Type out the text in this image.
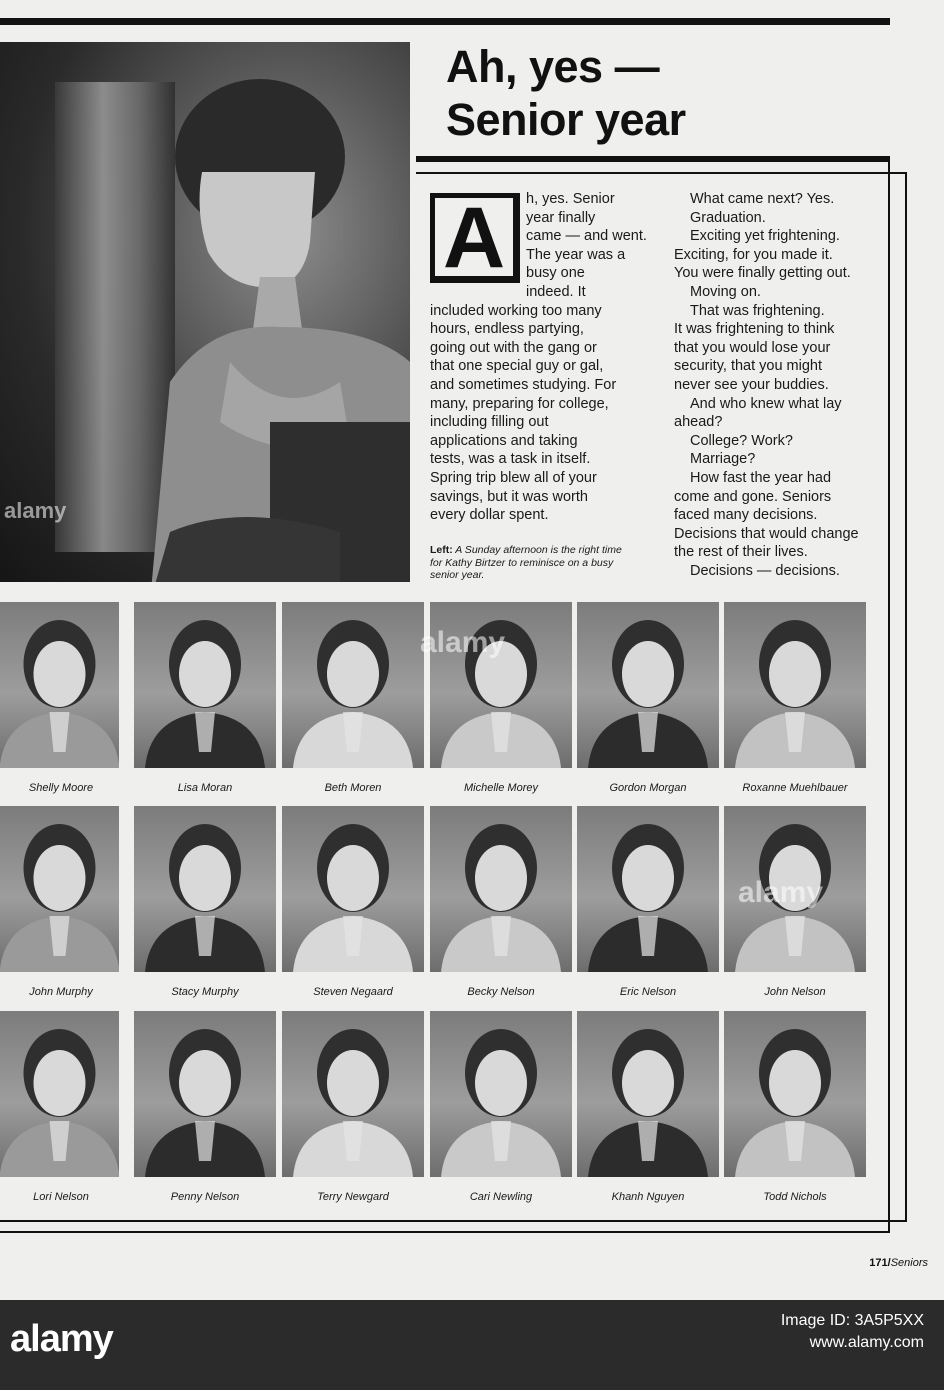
Ah, yes —
Senior year
A	h, yes. Senior
year finally
came — and went.
The year was a
busy one
indeed. It
included working too many
hours, endless partying,
going out with the gang or
that one special guy or gal,
and sometimes studying. For
many, preparing for college,
including filling out
applications and taking
tests, was a task in itself.
Spring trip blew all of your
savings, but it was worth
every dollar spent.
What came next? Yes.
Graduation.
Exciting yet frightening.
Exciting, for you made it.
You were finally getting out.
Moving on.
That was frightening.
It was frightening to think
that you would lose your
security, that you might
never see your buddies.
And who knew what lay
ahead?
College? Work?
Marriage?
How fast the year had
come and gone. Seniors
faced many decisions.
Decisions that would change
the rest of their lives.
Decisions — decisions.
Left: A Sunday afternoon is the right time for Kathy Birtzer to reminisce on a busy senior year.
Shelly Moore	Lisa Moran	Beth Moren	Michelle Morey	Gordon Morgan	Roxanne Muehlbauer
John Murphy	Stacy Murphy	Steven Negaard	Becky Nelson	Eric Nelson	John Nelson
Lori Nelson	Penny Nelson	Terry Newgard	Cari Newling	Khanh Nguyen	Todd Nichols
171/Seniors
alamy
alamy
alamy
alamy	Image ID: 3A5P5XX
www.alamy.com
